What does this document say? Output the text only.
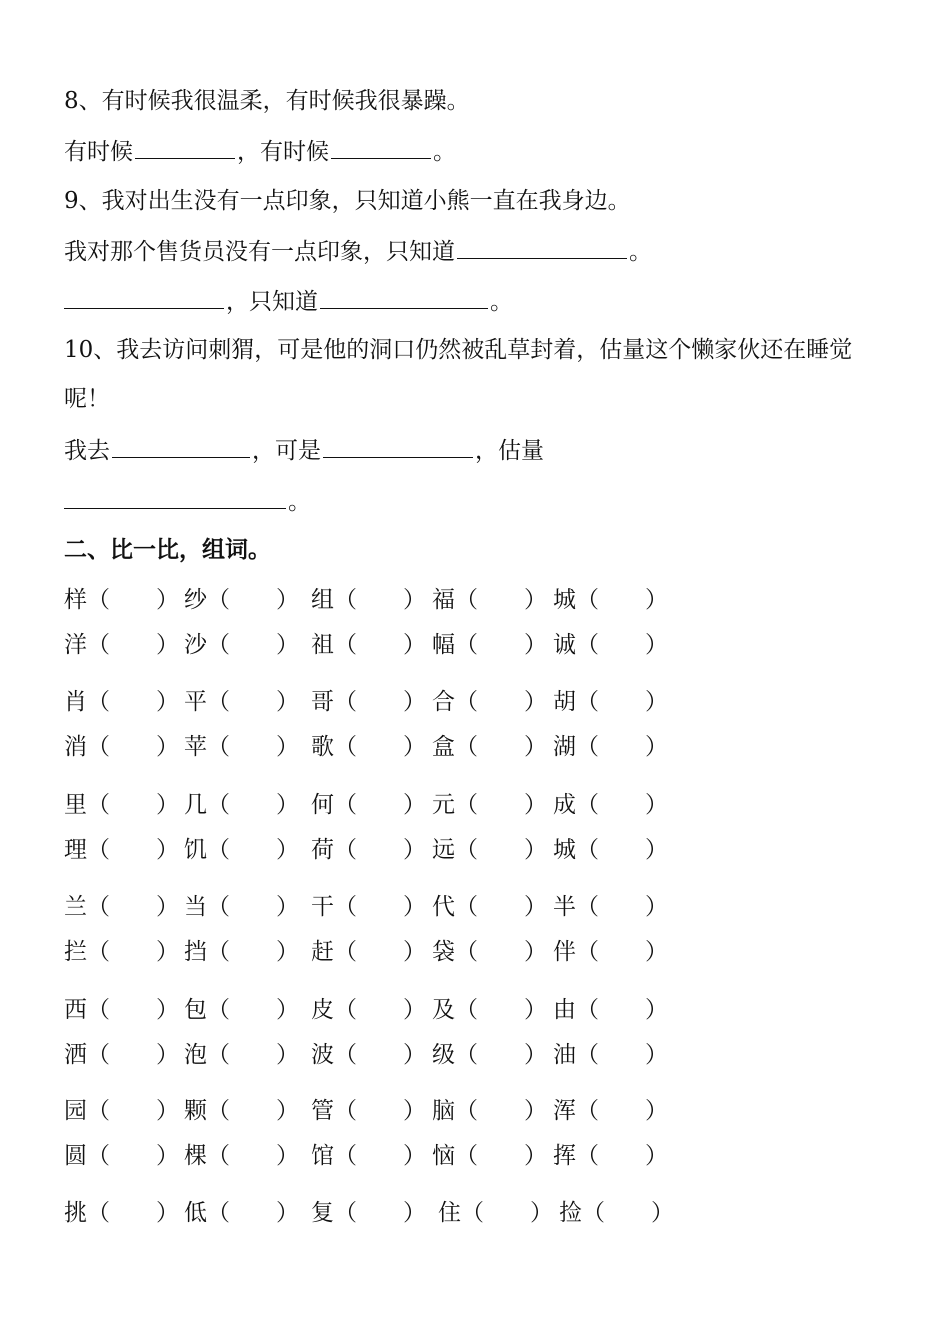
8、有时候我很温柔，有时候我很暴躁。
有时候	，有时候	。
9、我对出生没有一点印象，只知道小熊一直在我身边。
我对那个售货员没有一点印象，只知道	。
，只知道	。
10、我去访问刺猬，可是他的洞口仍然被乱草封着，估量这个懒家伙还在睡觉
呢！
我去	，可是	，估量
。
二、比一比，组词。
样（　　） 纱（　　） 组（　　） 福（　　） 城（　　）
洋（　　） 沙（　　） 祖（　　） 幅（　　） 诚（　　）
肖（　　） 平（　　） 哥（　　） 合（　　） 胡（　　）
消（　　） 苹（　　） 歌（　　） 盒（　　） 湖（　　）
里（　　） 几（　　） 何（　　） 元（　　） 成（　　）
理（　　） 饥（　　） 荷（　　） 远（　　） 城（　　）
兰（　　） 当（　　） 干（　　） 代（　　） 半（　　）
拦（　　） 挡（　　） 赶（　　） 袋（　　） 伴（　　）
西（　　） 包（　　） 皮（　　） 及（　　） 由（　　）
洒（　　） 泡（　　） 波（　　） 级（　　） 油（　　）
园（　　） 颗（　　） 管（　　） 脑（　　） 浑（　　）
圆（　　） 棵（　　） 馆（　　） 恼（　　） 挥（　　）
挑（　　） 低（　　） 复（　　） 住（　　） 捡（　　）
